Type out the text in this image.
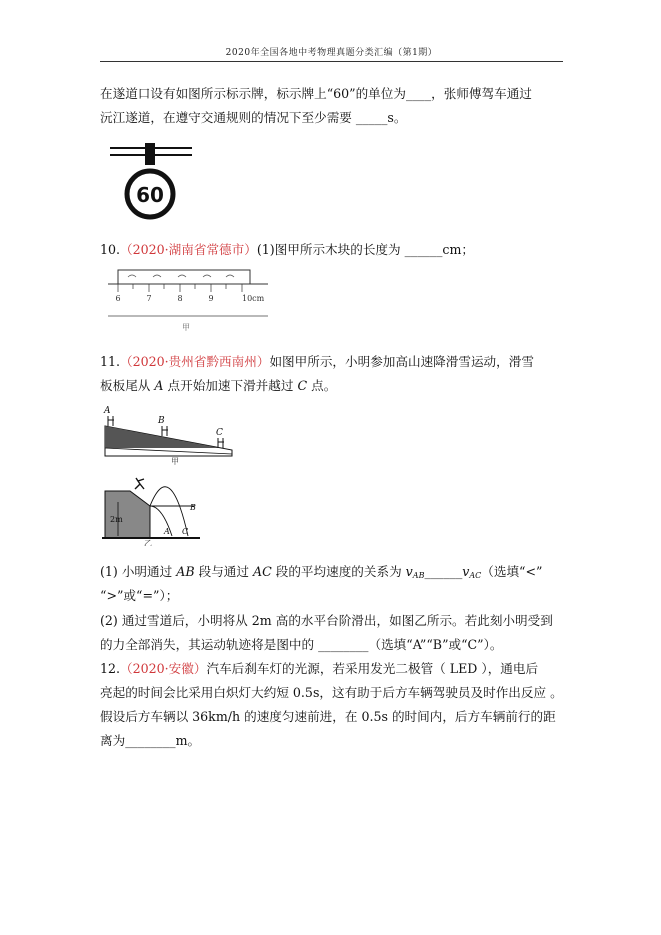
2020年全国各地中考物理真题分类汇编（第1期）
在遂道口设有如图所示标示牌，标示牌上“60”的单位为____，张师傅驾车通过
沅江遂道，在遵守交通规则的情况下至少需要 _____s。
60
10.（2020·湖南省常德市）(1)图甲所示木块的长度为 ______cm；
6	7	8	9	10cm
甲
11.（2020·贵州省黔西南州）如图甲所示，小明参加高山速降滑雪运动，滑雪
板板尾从 A 点开始加速下滑并越过 C 点。
A
B
C
甲
2m
A
B
C
乙
(1) 小明通过 AB 段与通过 AC 段的平均速度的关系为 $v_{AB}\_\_\_\_\_\_v_{AC}$（选填“<”
“>”或“=”）；
(2) 通过雪道后，小明将从 2m 高的水平台阶滑出，如图乙所示。若此刻小明受到
的力全部消失，其运动轨迹将是图中的 ________（选填“A”“B”或“C”）。
12.（2020·安徽）汽车后刹车灯的光源，若采用发光二极管（ LED ），通电后
亮起的时间会比采用白炽灯大约短 0.5s，这有助于后方车辆驾驶员及时作出反应 。
假设后方车辆以 36km/h 的速度匀速前进，在 0.5s 的时间内，后方车辆前行的距
离为________m。
